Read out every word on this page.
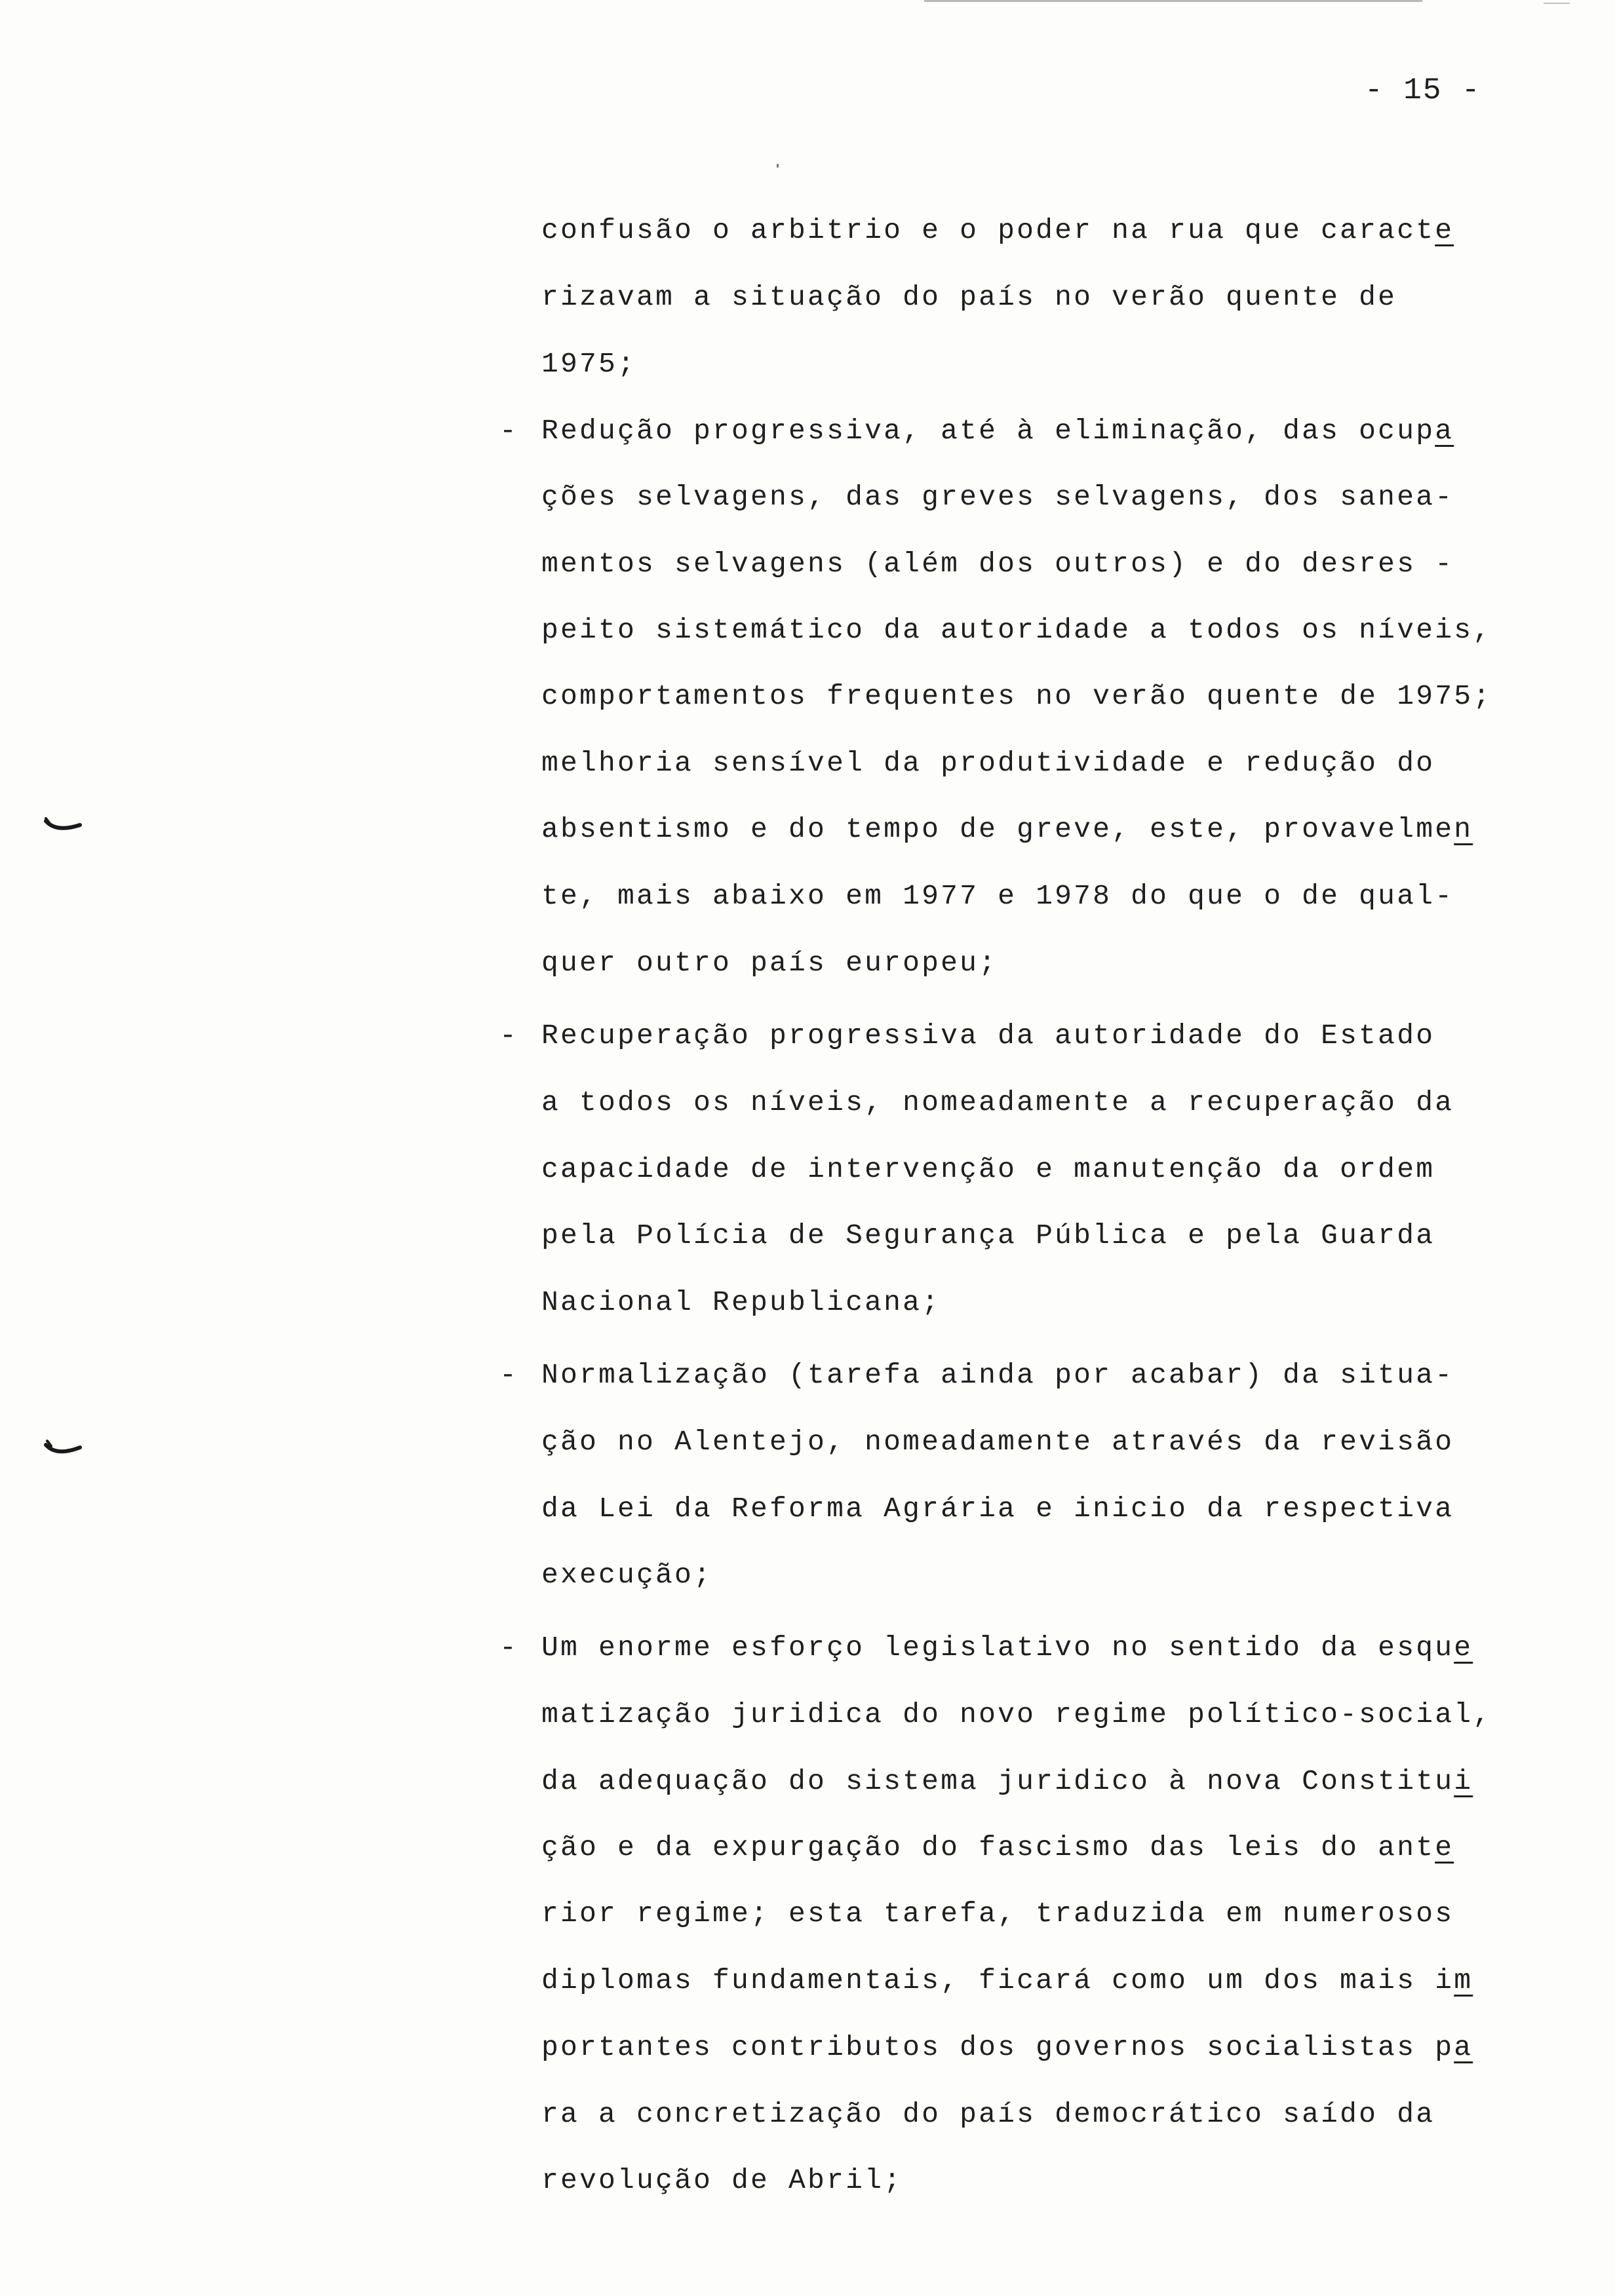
- 15 -
confusão o arbitrio e o poder na rua que caracte
rizavam a situação do país no verão quente de
1975;
- Redução progressiva, até à eliminação, das ocupa
ções selvagens, das greves selvagens, dos sanea-
mentos selvagens (além dos outros) e do desres -
peito sistemático da autoridade a todos os níveis,
comportamentos frequentes no verão quente de 1975;
melhoria sensível da produtividade e redução do
absentismo e do tempo de greve, este, provavelmen
te, mais abaixo em 1977 e 1978 do que o de qual-
quer outro país europeu;
- Recuperação progressiva da autoridade do Estado
a todos os níveis, nomeadamente a recuperação da
capacidade de intervenção e manutenção da ordem
pela Polícia de Segurança Pública e pela Guarda
Nacional Republicana;
- Normalização (tarefa ainda por acabar) da situa-
ção no Alentejo, nomeadamente através da revisão
da Lei da Reforma Agrária e inicio da respectiva
execução;
- Um enorme esforço legislativo no sentido da esque
matização juridica do novo regime político-social,
da adequação do sistema juridico à nova Constitui
ção e da expurgação do fascismo das leis do ante
rior regime; esta tarefa, traduzida em numerosos
diplomas fundamentais, ficará como um dos mais im
portantes contributos dos governos socialistas pa
ra a concretização do país democrático saído da
revolução de Abril;
